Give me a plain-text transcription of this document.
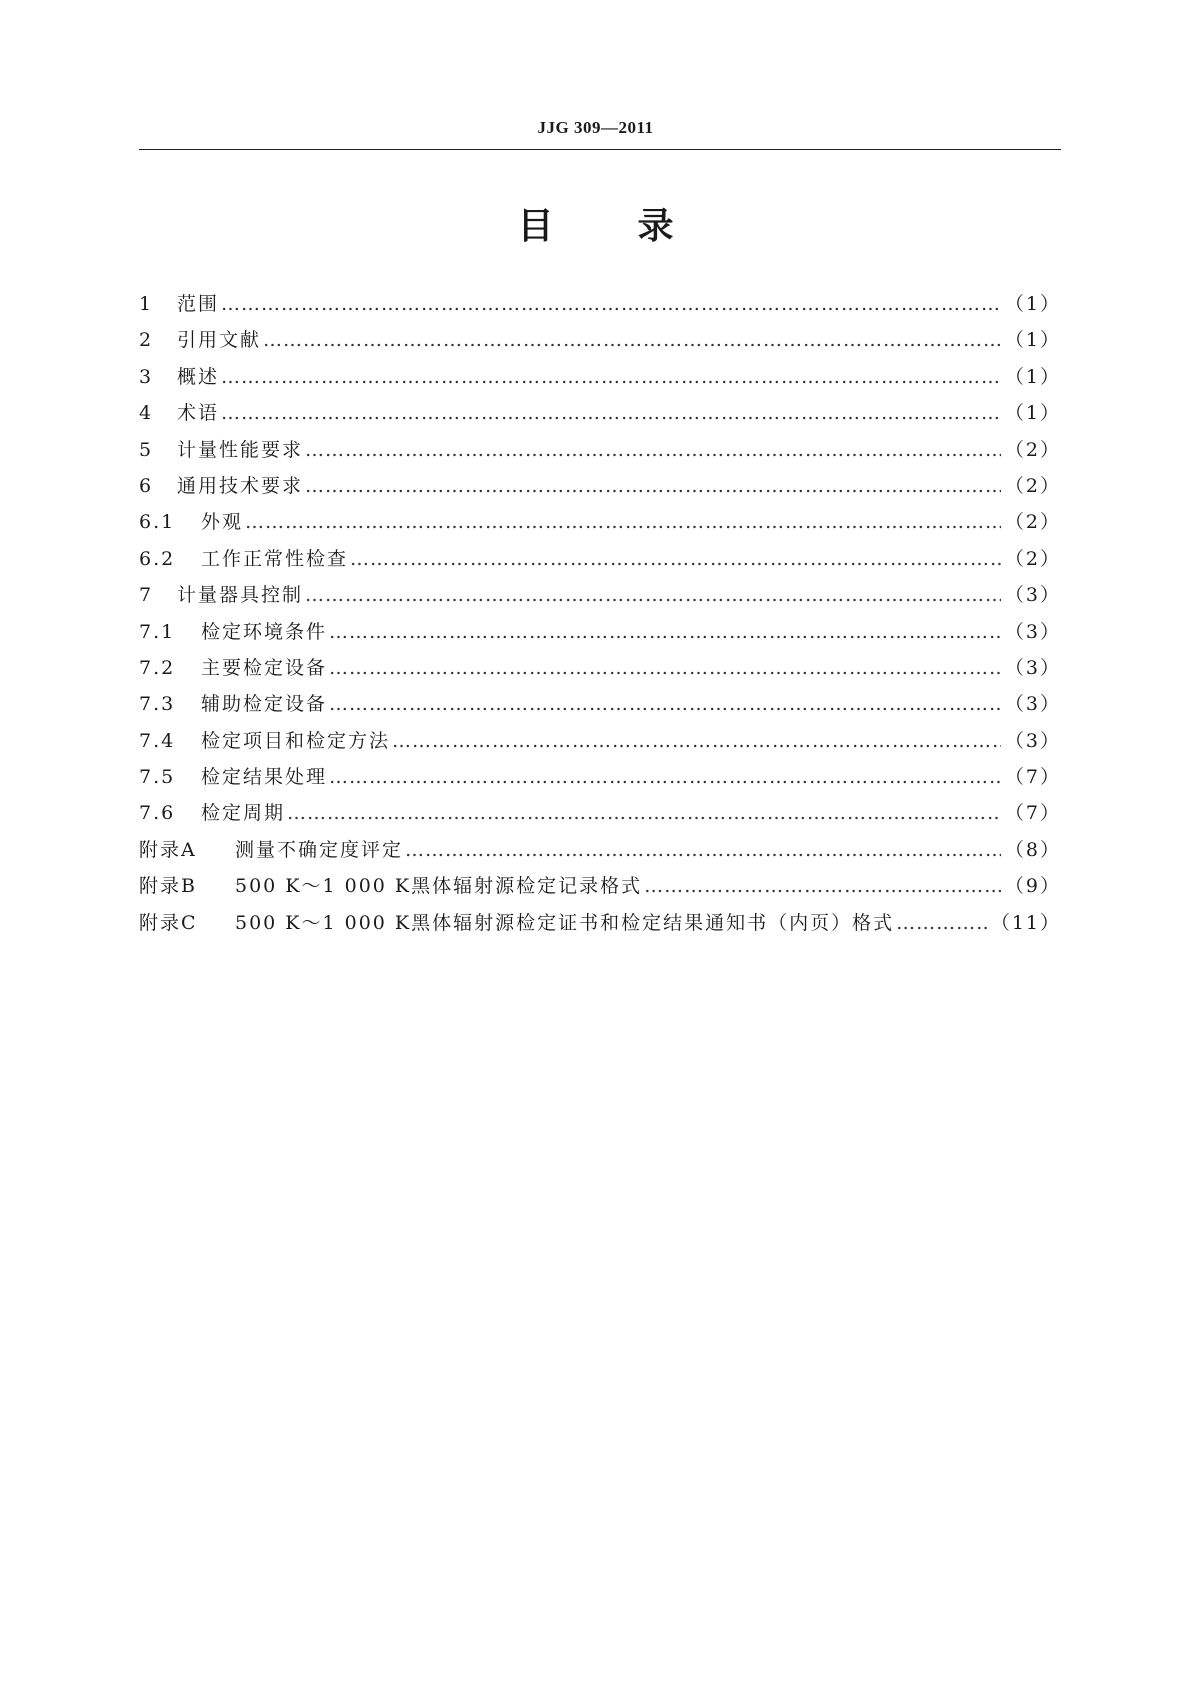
JJG 309—2011
目 录
1	范围 …………………………………………………………………………………………………………………………………………………………………………………………	（1）
2	引用文献 …………………………………………………………………………………………………………………………………………………………………………………………	（1）
3	概述 …………………………………………………………………………………………………………………………………………………………………………………………	（1）
4	术语 …………………………………………………………………………………………………………………………………………………………………………………………	（1）
5	计量性能要求 …………………………………………………………………………………………………………………………………………………………………………………………	（2）
6	通用技术要求 …………………………………………………………………………………………………………………………………………………………………………………………	（2）
6.1	外观 …………………………………………………………………………………………………………………………………………………………………………………………	（2）
6.2	工作正常性检查 …………………………………………………………………………………………………………………………………………………………………………………………	（2）
7	计量器具控制 …………………………………………………………………………………………………………………………………………………………………………………………	（3）
7.1	检定环境条件 …………………………………………………………………………………………………………………………………………………………………………………………	（3）
7.2	主要检定设备 …………………………………………………………………………………………………………………………………………………………………………………………	（3）
7.3	辅助检定设备 …………………………………………………………………………………………………………………………………………………………………………………………	（3）
7.4	检定项目和检定方法 …………………………………………………………………………………………………………………………………………………………………………………………	（3）
7.5	检定结果处理 …………………………………………………………………………………………………………………………………………………………………………………………	（7）
7.6	检定周期 …………………………………………………………………………………………………………………………………………………………………………………………	（7）
附录A	测量不确定度评定 …………………………………………………………………………………………………………………………………………………………………………………………	（8）
附录B	500 K～1 000 K黑体辐射源检定记录格式 …………………………………………………………………………………………………………………………………………………………………………………………	（9）
附录C	500 K～1 000 K黑体辐射源检定证书和检定结果通知书（内页）格式 …………………………………………………………………………………………………………………………………………………………………………………………	（11）
